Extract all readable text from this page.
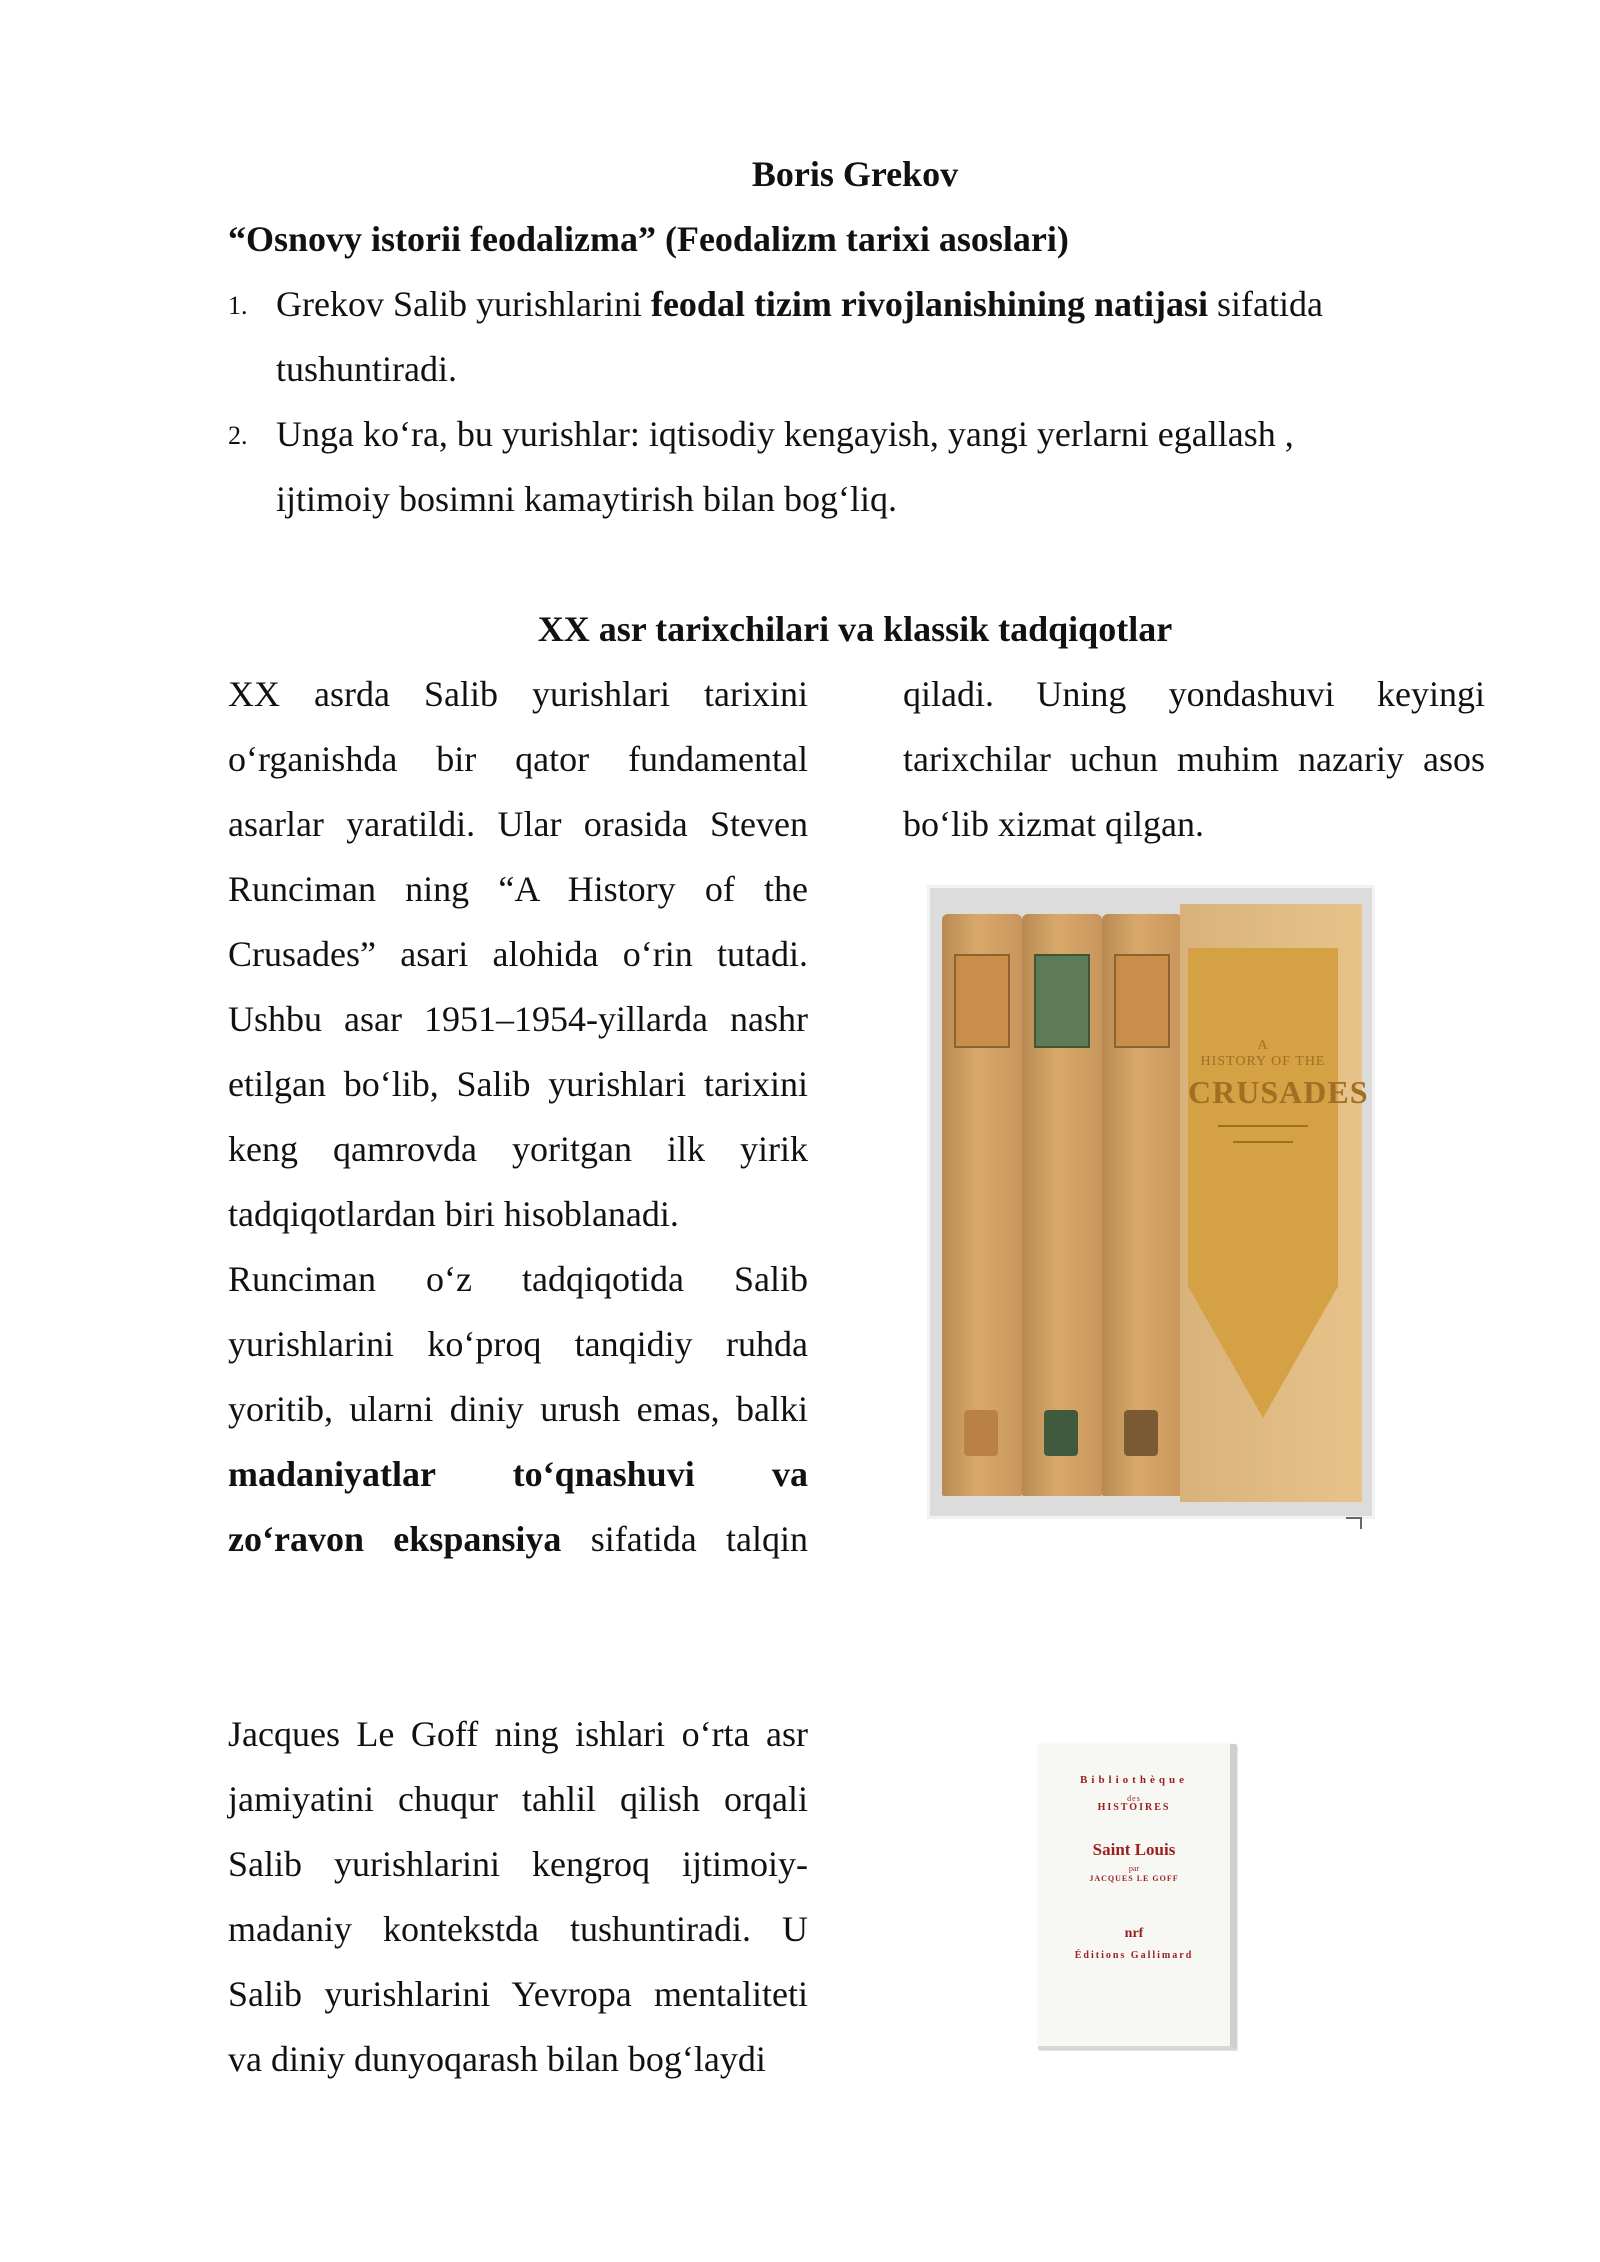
Boris Grekov
“Osnovy istorii feodalizma” (Feodalizm tarixi asoslari)
1. Grekov Salib yurishlarini feodal tizim rivojlanishining natijasi sifatida
tushuntiradi.
2. Unga ko‘ra, bu yurishlar: iqtisodiy kengayish, yangi yerlarni egallash ,
ijtimoiy bosimni kamaytirish bilan bog‘liq.
XX asr tarixchilari va klassik tadqiqotlar
XX asrda Salib yurishlari tarixini
o‘rganishda bir qator fundamental
asarlar yaratildi. Ular orasida Steven
Runciman ning “A History of the
Crusades” asari alohida o‘rin tutadi.
Ushbu asar 1951–1954-yillarda nashr
etilgan bo‘lib, Salib yurishlari tarixini
keng qamrovda yoritgan ilk yirik
tadqiqotlardan biri hisoblanadi.
Runciman o‘z tadqiqotida Salib
yurishlarini ko‘proq tanqidiy ruhda
yoritib, ularni diniy urush emas, balki
madaniyatlar to‘qnashuvi va
zo‘ravon ekspansiya sifatida talqin
qiladi. Uning yondashuvi keyingi
tarixchilar uchun muhim nazariy asos
bo‘lib xizmat qilgan.
A
HISTORY OF THE
CRUSADES
Jacques Le Goff ning ishlari o‘rta asr
jamiyatini chuqur tahlil qilish orqali
Salib yurishlarini kengroq ijtimoiy-
madaniy kontekstda tushuntiradi. U
Salib yurishlarini Yevropa mentaliteti
va diniy dunyoqarash bilan bog‘laydi
Bibliothèque
des
HISTOIRES
Saint Louis
par
JACQUES LE GOFF
nrf
Éditions Gallimard
